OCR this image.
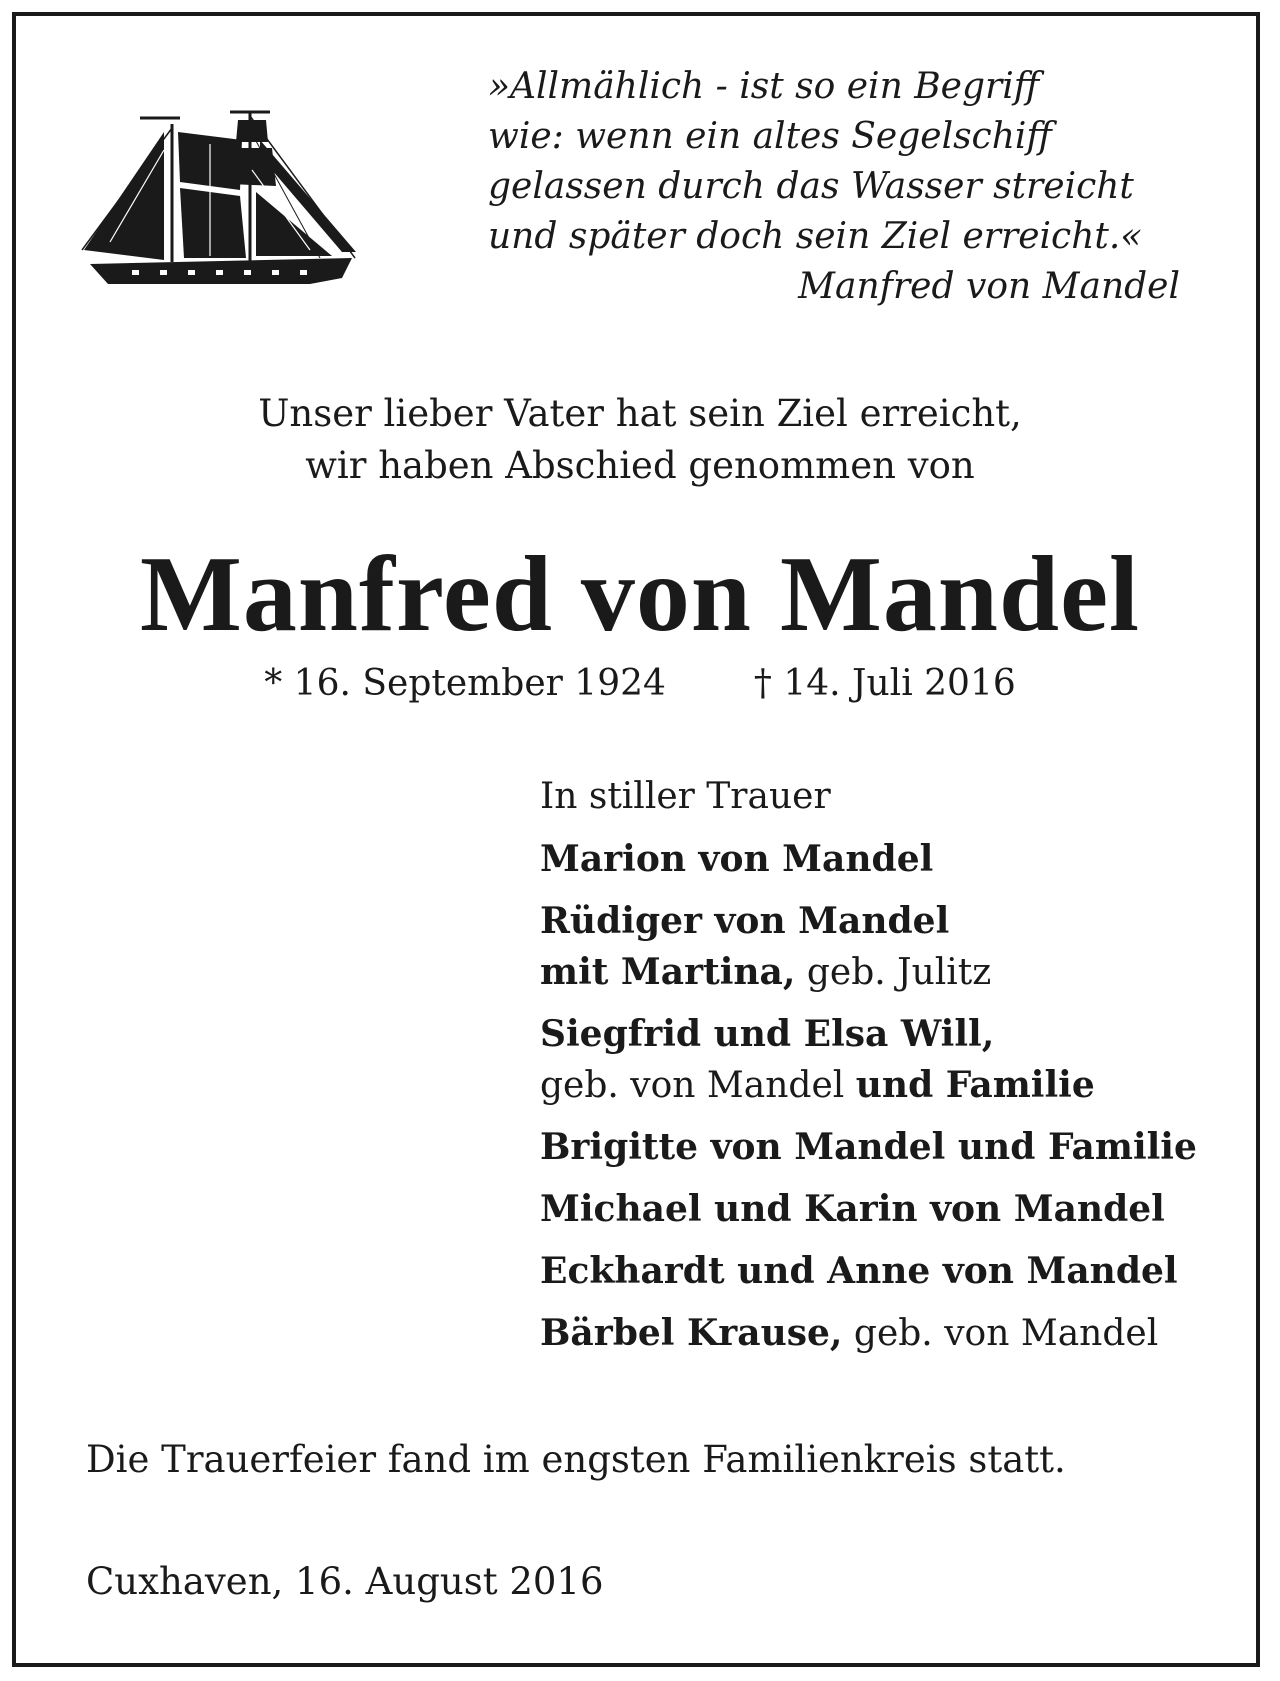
»Allmählich - ist so ein Begriff
wie: wenn ein altes Segelschiff
gelassen durch das Wasser streicht
und später doch sein Ziel erreicht.«
Manfred von Mandel
Unser lieber Vater hat sein Ziel erreicht,
wir haben Abschied genommen von
Manfred von Mandel
* 16. September 1924 † 14. Juli 2016
In stiller Trauer
Marion von Mandel
Rüdiger von Mandel
mit Martina, geb. Julitz
Siegfrid und Elsa Will,
geb. von Mandel und Familie
Brigitte von Mandel und Familie
Michael und Karin von Mandel
Eckhardt und Anne von Mandel
Bärbel Krause, geb. von Mandel
Die Trauerfeier fand im engsten Familienkreis statt.
Cuxhaven, 16. August 2016
